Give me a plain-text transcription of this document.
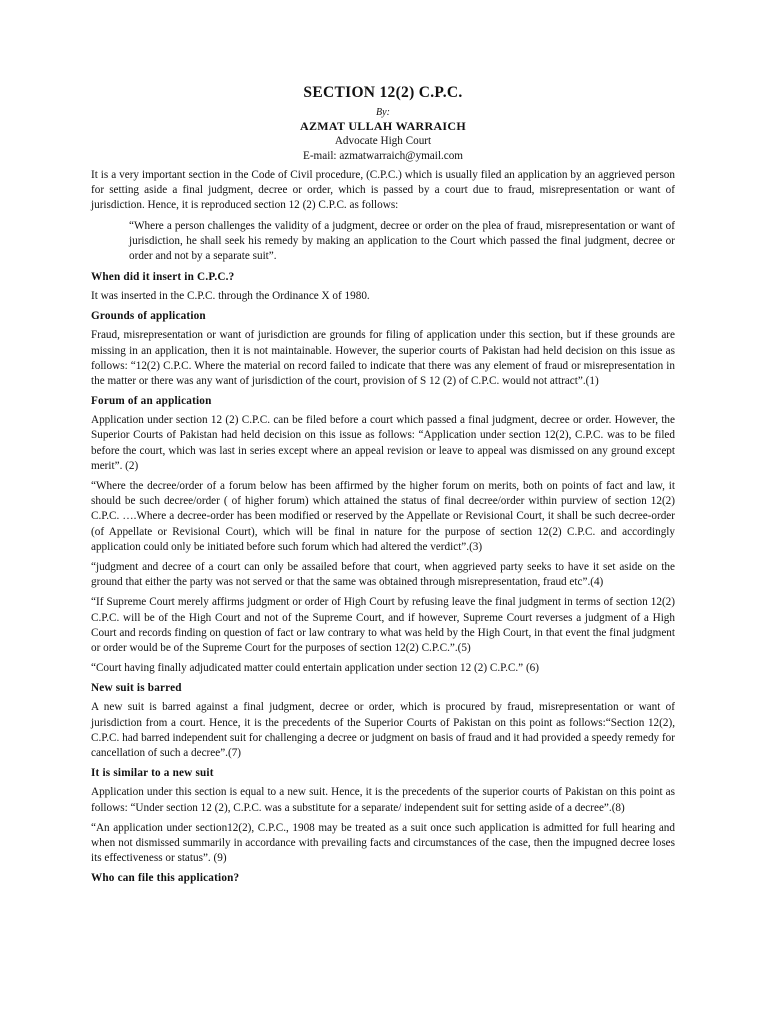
SECTION 12(2) C.P.C.
By:
AZMAT ULLAH WARRAICH
Advocate High Court
E-mail: azmatwarraich@ymail.com

It is a very important section in the Code of Civil procedure, (C.P.C.) which is usually filed an application by an aggrieved person for setting aside a final judgment, decree or order, which is passed by a court due to fraud, misrepresentation or want of jurisdiction. Hence, it is reproduced section 12 (2) C.P.C. as follows:

“Where a person challenges the validity of a judgment, decree or order on the plea of fraud, misrepresentation or want of jurisdiction, he shall seek his remedy by making an application to the Court which passed the final judgment, decree or order and not by a separate suit”.

When did it insert in C.P.C.?

It was inserted in the C.P.C. through the Ordinance X of 1980.

Grounds of application

Fraud, misrepresentation or want of jurisdiction are grounds for filing of application under this section, but if these grounds are missing in an application, then it is not maintainable. However, the superior courts of Pakistan had held decision on this issue as follows: “12(2) C.P.C. Where the material on record failed to indicate that there was any element of fraud or misrepresentation in the matter or there was any want of jurisdiction of the court, provision of S 12 (2) of C.P.C. would not attract”.(1)

Forum of an application

Application under section 12 (2) C.P.C. can be filed before a court which passed a final judgment, decree or order. However, the Superior Courts of Pakistan had held decision on this issue as follows: “Application under section 12(2), C.P.C. was to be filed before the court, which was last in series except where an appeal revision or leave to appeal was dismissed on any ground except merit”. (2)

“Where the decree/order of a forum below has been affirmed by the higher forum on merits, both on points of fact and law, it should be such decree/order ( of higher forum) which attained the status of final decree/order within purview of section 12(2) C.P.C. ….Where a decree-order has been modified or reserved by the Appellate or Revisional Court, it shall be such decree-order (of Appellate or Revisional Court), which will be final in nature for the purpose of section 12(2) C.P.C. and accordingly application could only be initiated before such forum which had altered the verdict”.(3)

“judgment and decree of a court can only be assailed before that court, when aggrieved party seeks to have it set aside on the ground that either the party was not served or that the same was obtained through misrepresentation, fraud etc”.(4)

“If Supreme Court merely affirms judgment or order of High Court by refusing leave the final judgment in terms of section 12(2) C.P.C. will be of the High Court and not of the Supreme Court, and if however, Supreme Court reverses a judgment of a High Court and records finding on question of fact or law contrary to what was held by the High Court, in that event the final judgment or order would be of the Supreme Court for the purposes of section 12(2) C.P.C.”.(5)

“Court having finally adjudicated matter could entertain application under section 12 (2) C.P.C.” (6)

New suit is barred

A new suit is barred against a final judgment, decree or order, which is procured by fraud, misrepresentation or want of jurisdiction from a court. Hence, it is the precedents of the Superior Courts of Pakistan on this point as follows:“Section 12(2), C.P.C. had barred independent suit for challenging a decree or judgment on basis of fraud and it had provided a speedy remedy for cancellation of such a decree”.(7)

It is similar to a new suit

Application under this section is equal to a new suit. Hence, it is the precedents of the superior courts of Pakistan on this point as follows: “Under section 12 (2), C.P.C. was a substitute for a separate/ independent suit for setting aside of a decree”.(8)

“An application under section12(2), C.P.C., 1908 may be treated as a suit once such application is admitted for full hearing and when not dismissed summarily in accordance with prevailing facts and circumstances of the case, then the impugned decree loses its effectiveness or status”. (9)

Who can file this application?
